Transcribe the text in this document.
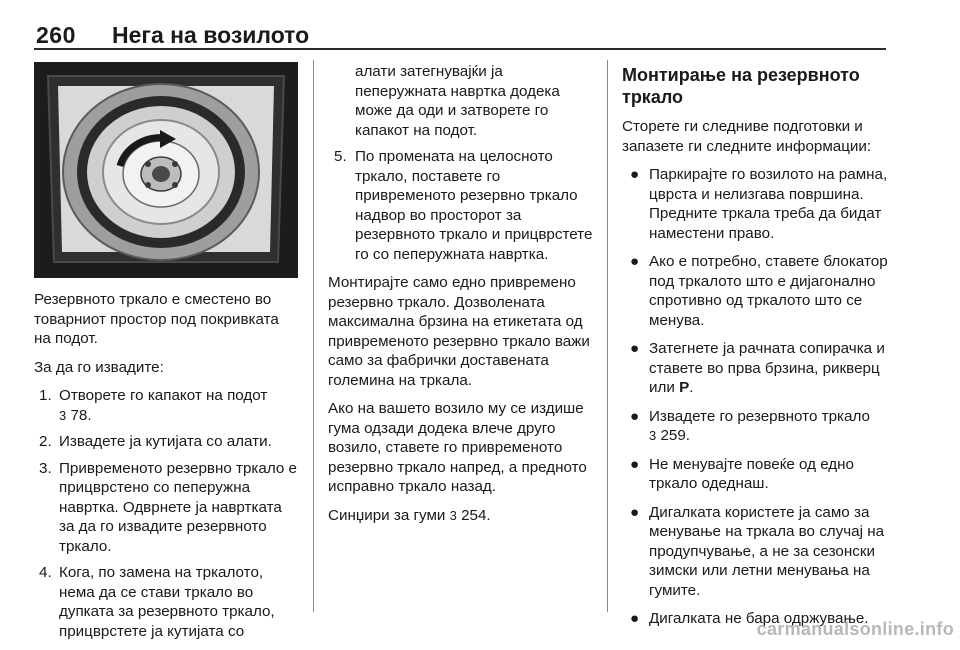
260 Нега на возилото

Резервното тркало е сместено во товарниот простор под покривката на подот.

За да го извадите:

1. Отворете го капакот на подот
3 78.
2. Извадете ја кутијата со алати.
3. Привременото резервно тркало е прицврстено со пеперужна навртка. Одврнете ја навртката за да го извадите резервното тркало.
4. Кога, по замена на тркалото, нема да се стави тркало во дупката за резервното тркало, прицврстете ја кутијата со
алати затегнувајќи ја пеперужната навртка додека може да оди и затворете го капакот на подот.
5. По промената на целосното тркало, поставете го привременото резервно тркало надвор во просторот за резервното тркало и прицврстете го со пеперужната навртка.

Монтирајте само едно привремено резервно тркало. Дозволената максимална брзина на етикетата од привременото резервно тркало важи само за фабрички доставената големина на тркала.

Ако на вашето возило му се издише гума одзади додека влече друго возило, ставете го привременото резервно тркало напред, а предното исправно тркало назад.

Синџири за гуми 3 254.

Монтирање на резервното тркало

Сторете ги следниве подготовки и запазете ги следните информации:

● Паркирајте го возилото на рамна, цврста и нелизгава површина. Предните тркала треба да бидат наместени право.
● Ако е потребно, ставете блокатор под тркалото што е дијагонално спротивно од тркалото што се менува.
● Затегнете ја рачната сопирачка и ставете во прва брзина, рикверц или P.
● Извадете го резервното тркало
3 259.
● Не менувајте повеќе од едно тркало одеднаш.
● Дигалката користете ја само за менување на тркала во случај на продупчување, а не за сезонски зимски или летни менувања на гумите.
● Дигалката не бара одржување.
carmanualsonline.info
